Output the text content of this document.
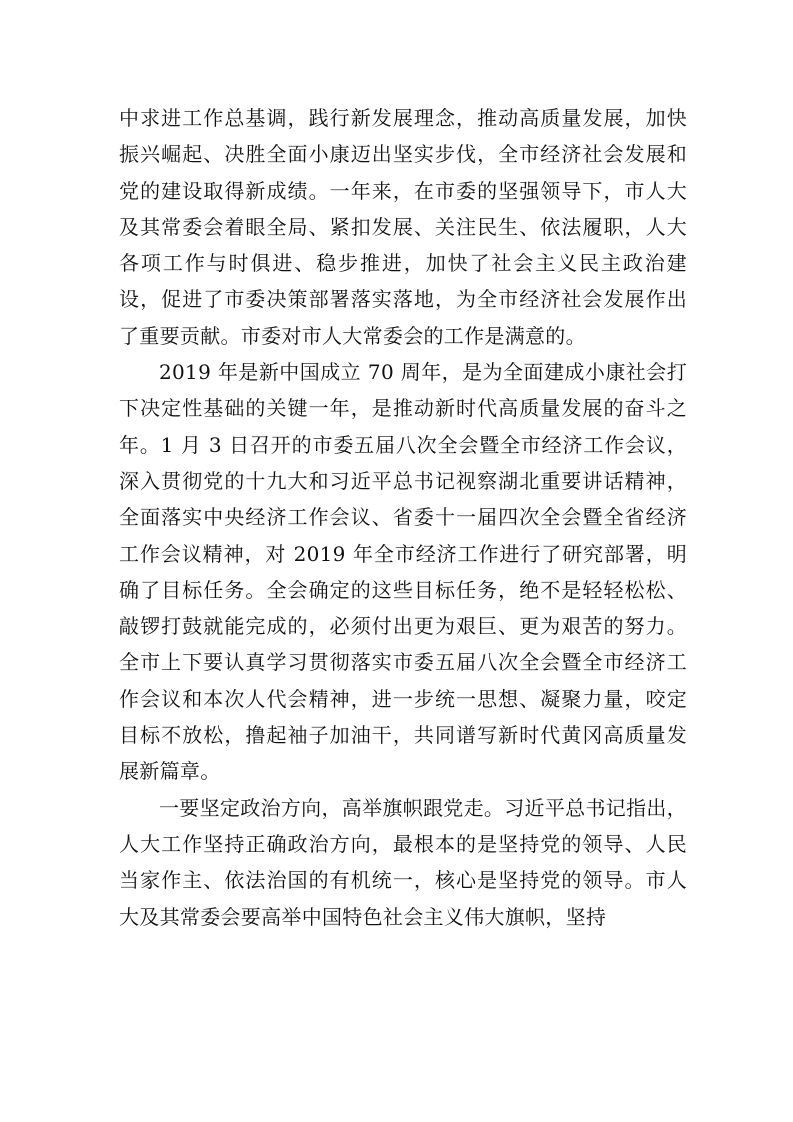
中求进工作总基调，践行新发展理念，推动高质量发展，加快振兴崛起、决胜全面小康迈出坚实步伐，全市经济社会发展和党的建设取得新成绩。一年来，在市委的坚强领导下，市人大及其常委会着眼全局、紧扣发展、关注民生、依法履职，人大各项工作与时俱进、稳步推进，加快了社会主义民主政治建设，促进了市委决策部署落实落地，为全市经济社会发展作出了重要贡献。市委对市人大常委会的工作是满意的。

2019 年是新中国成立 70 周年，是为全面建成小康社会打下决定性基础的关键一年，是推动新时代高质量发展的奋斗之年。1 月 3 日召开的市委五届八次全会暨全市经济工作会议，深入贯彻党的十九大和习近平总书记视察湖北重要讲话精神，全面落实中央经济工作会议、省委十一届四次全会暨全省经济工作会议精神，对 2019 年全市经济工作进行了研究部署，明确了目标任务。全会确定的这些目标任务，绝不是轻轻松松、敲锣打鼓就能完成的，必须付出更为艰巨、更为艰苦的努力。全市上下要认真学习贯彻落实市委五届八次全会暨全市经济工作会议和本次人代会精神，进一步统一思想、凝聚力量，咬定目标不放松，撸起袖子加油干，共同谱写新时代黄冈高质量发展新篇章。

一要坚定政治方向，高举旗帜跟党走。习近平总书记指出，人大工作坚持正确政治方向，最根本的是坚持党的领导、人民当家作主、依法治国的有机统一，核心是坚持党的领导。市人大及其常委会要高举中国特色社会主义伟大旗帜，坚持
